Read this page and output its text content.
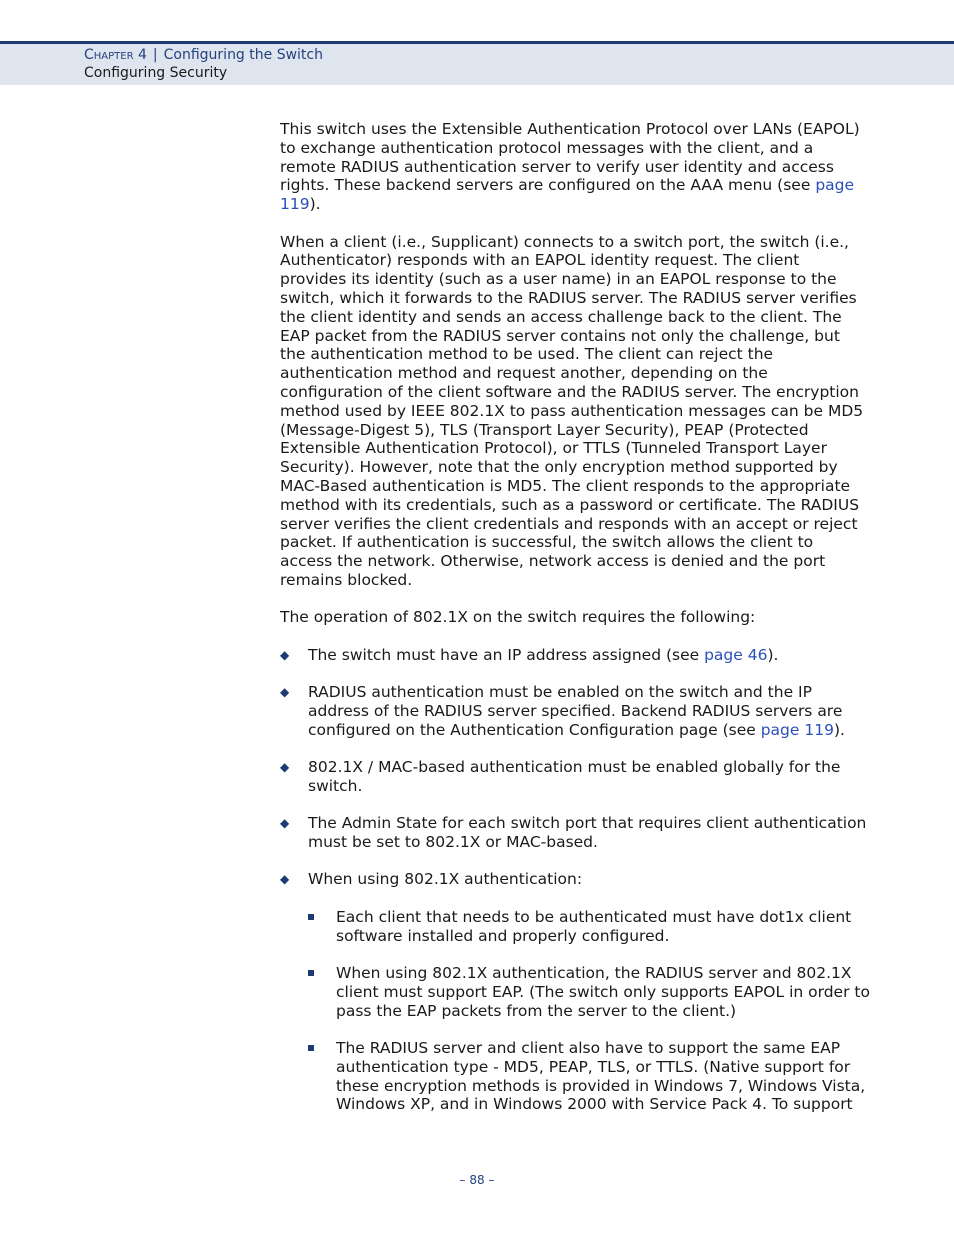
Chapter 4 | Configuring the Switch
Configuring Security

This switch uses the Extensible Authentication Protocol over LANs (EAPOL) to exchange authentication protocol messages with the client, and a remote RADIUS authentication server to verify user identity and access rights. These backend servers are configured on the AAA menu (see page 119).

When a client (i.e., Supplicant) connects to a switch port, the switch (i.e., Authenticator) responds with an EAPOL identity request. The client provides its identity (such as a user name) in an EAPOL response to the switch, which it forwards to the RADIUS server. The RADIUS server verifies the client identity and sends an access challenge back to the client. The EAP packet from the RADIUS server contains not only the challenge, but the authentication method to be used. The client can reject the authentication method and request another, depending on the configuration of the client software and the RADIUS server. The encryption method used by IEEE 802.1X to pass authentication messages can be MD5 (Message-Digest 5), TLS (Transport Layer Security), PEAP (Protected Extensible Authentication Protocol), or TTLS (Tunneled Transport Layer Security). However, note that the only encryption method supported by MAC-Based authentication is MD5. The client responds to the appropriate method with its credentials, such as a password or certificate. The RADIUS server verifies the client credentials and responds with an accept or reject packet. If authentication is successful, the switch allows the client to access the network. Otherwise, network access is denied and the port remains blocked.

The operation of 802.1X on the switch requires the following:

◆ The switch must have an IP address assigned (see page 46).
◆ RADIUS authentication must be enabled on the switch and the IP address of the RADIUS server specified. Backend RADIUS servers are configured on the Authentication Configuration page (see page 119).
◆ 802.1X / MAC-based authentication must be enabled globally for the switch.
◆ The Admin State for each switch port that requires client authentication must be set to 802.1X or MAC-based.
◆ When using 802.1X authentication:
Each client that needs to be authenticated must have dot1x client software installed and properly configured.
When using 802.1X authentication, the RADIUS server and 802.1X client must support EAP. (The switch only supports EAPOL in order to pass the EAP packets from the server to the client.)
The RADIUS server and client also have to support the same EAP authentication type - MD5, PEAP, TLS, or TTLS. (Native support for these encryption methods is provided in Windows 7, Windows Vista, Windows XP, and in Windows 2000 with Service Pack 4. To support
– 88 –
